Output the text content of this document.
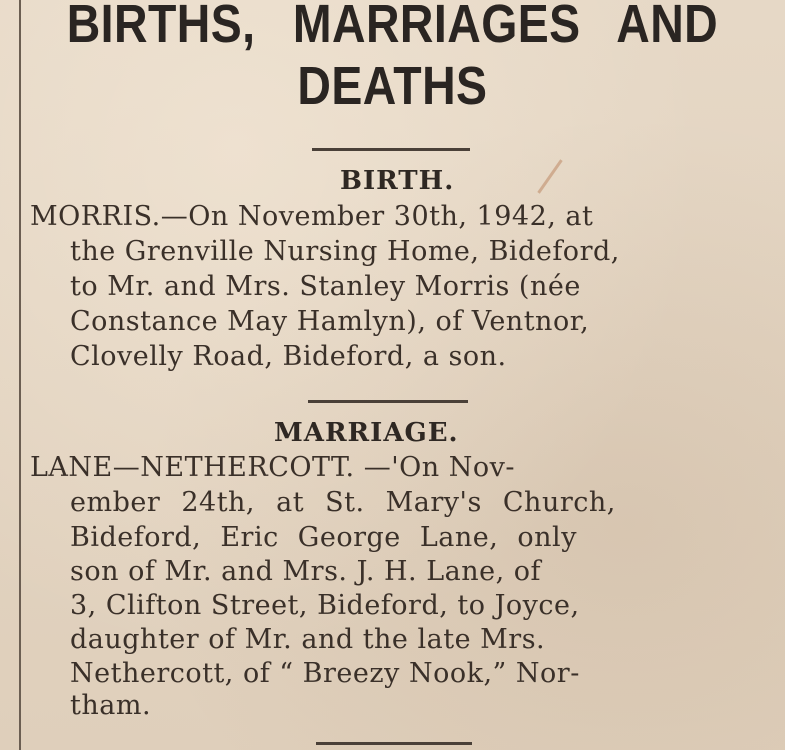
BIRTHS, MARRIAGES AND
DEATHS
BIRTH.
MORRIS.—On November 30th, 1942, at
the Grenville Nursing Home, Bideford,
to Mr. and Mrs. Stanley Morris (née
Constance May Hamlyn), of Ventnor,
Clovelly Road, Bideford, a son.
MARRIAGE.
LANE—NETHERCOTT. —'On Nov-
ember 24th, at St. Mary's Church,
Bideford, Eric George Lane, only
son of Mr. and Mrs. J. H. Lane, of
3, Clifton Street, Bideford, to Joyce,
daughter of Mr. and the late Mrs.
Nethercott, of “ Breezy Nook,” Nor-
tham.
